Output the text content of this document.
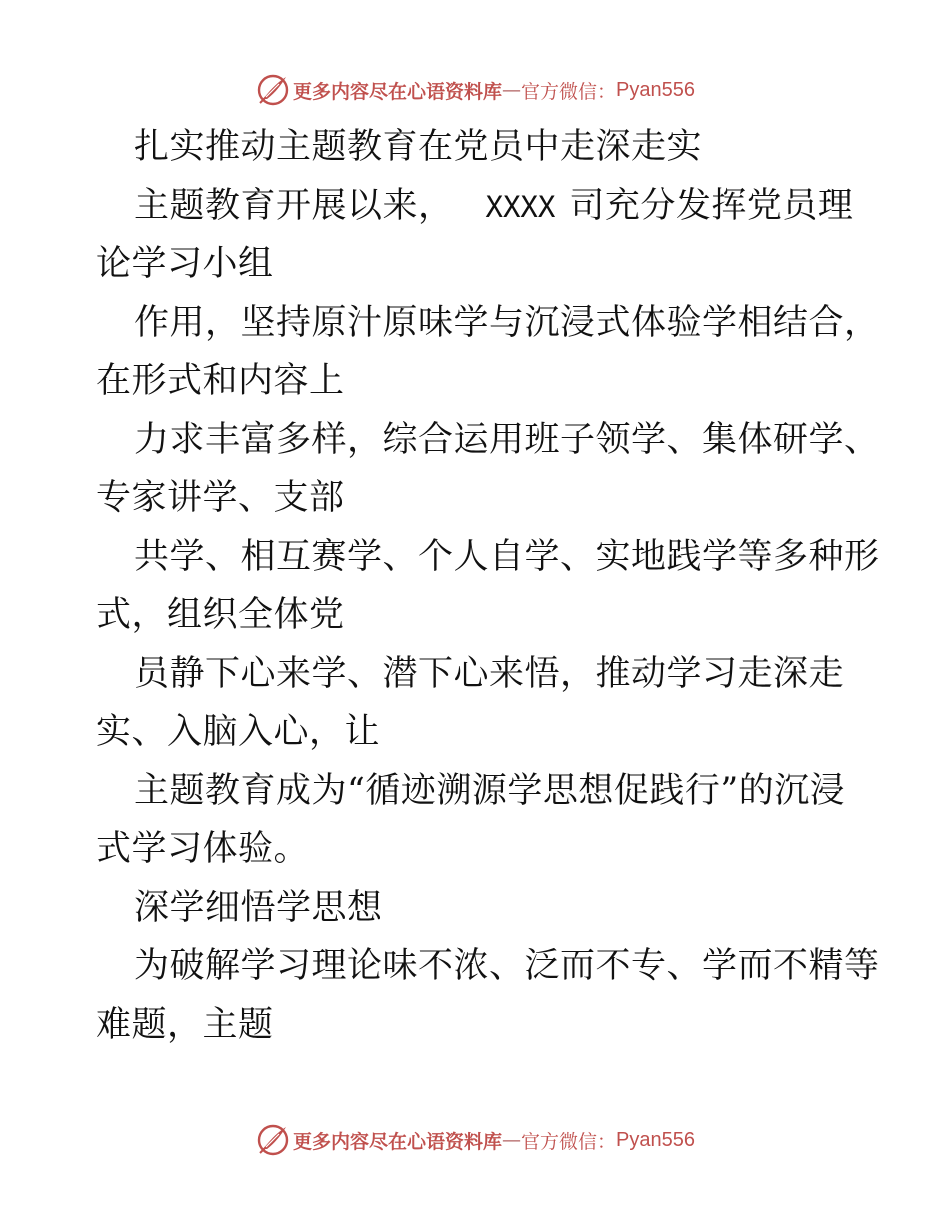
更多内容尽在心语资料库 — 官方微信： Pyan556
扎实推动主题教育在党员中走深走实
主题教育开展以来， XXXX 司充分发挥党员理
论学习小组
作用，坚持原汁原味学与沉浸式体验学相结合，
在形式和内容上
力求丰富多样，综合运用班子领学、集体研学、
专家讲学、支部
共学、相互赛学、个人自学、实地践学等多种形
式，组织全体党
员静下心来学、潜下心来悟，推动学习走深走
实、入脑入心，让
主题教育成为“循迹溯源学思想促践行”的沉浸
式学习体验。
深学细悟学思想
为破解学习理论味不浓、泛而不专、学而不精等
难题，主题
更多内容尽在心语资料库 — 官方微信： Pyan556
